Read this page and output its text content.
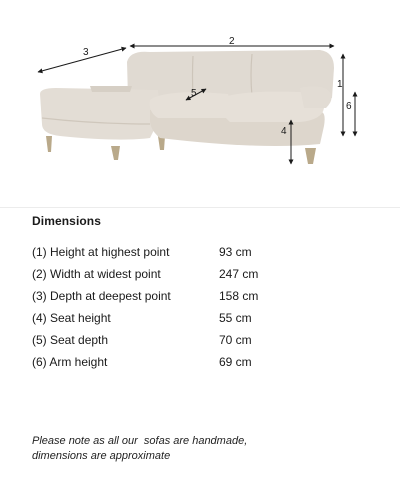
2
3
1
6
4
5
Dimensions
(1) Height at highest point	93 cm
(2) Width at widest point	247 cm
(3) Depth at deepest point	158 cm
(4) Seat height	55 cm
(5) Seat depth	70 cm
(6) Arm height	69 cm
Please note as all our  sofas are handmade,
dimensions are approximate
